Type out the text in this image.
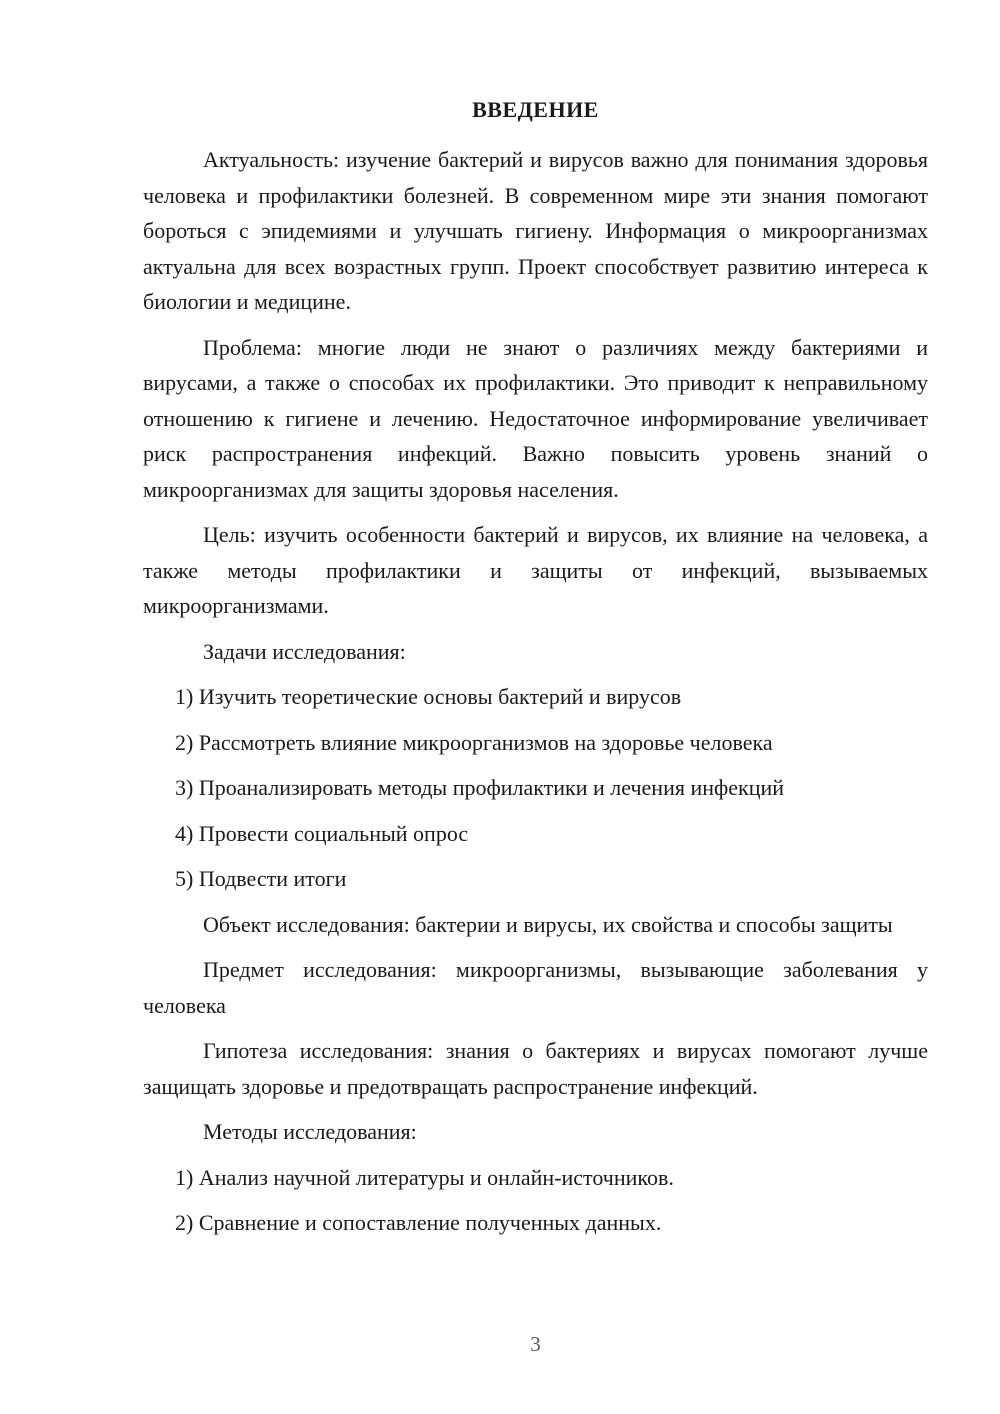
ВВЕДЕНИЕ

Актуальность: изучение бактерий и вирусов важно для понимания здоровья человека и профилактики болезней. В современном мире эти знания помогают бороться с эпидемиями и улучшать гигиену. Информация о микроорганизмах актуальна для всех возрастных групп. Проект способствует развитию интереса к биологии и медицине.

Проблема: многие люди не знают о различиях между бактериями и вирусами, а также о способах их профилактики. Это приводит к неправильному отношению к гигиене и лечению. Недостаточное информирование увеличивает риск распространения инфекций. Важно повысить уровень знаний о микроорганизмах для защиты здоровья населения.

Цель: изучить особенности бактерий и вирусов, их влияние на человека, а также методы профилактики и защиты от инфекций, вызываемых микроорганизмами.

Задачи исследования:

1) Изучить теоретические основы бактерий и вирусов
2) Рассмотреть влияние микроорганизмов на здоровье человека
3) Проанализировать методы профилактики и лечения инфекций
4) Провести социальный опрос
5) Подвести итоги

Объект исследования: бактерии и вирусы, их свойства и способы защиты

Предмет исследования: микроорганизмы, вызывающие заболевания у человека

Гипотеза исследования: знания о бактериях и вирусах помогают лучше защищать здоровье и предотвращать распространение инфекций.

Методы исследования:

1) Анализ научной литературы и онлайн-источников.
2) Сравнение и сопоставление полученных данных.
3
